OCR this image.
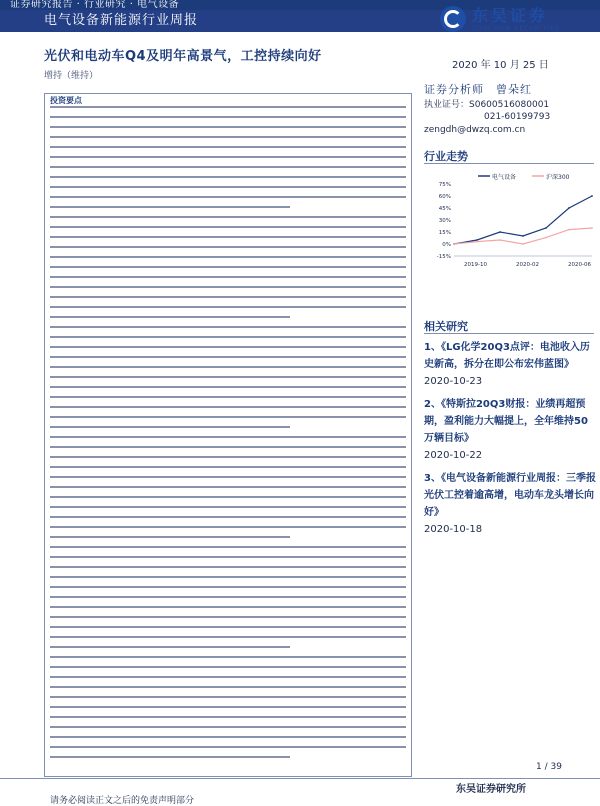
证券研究报告 · 行业研究 · 电气设备
电气设备新能源行业周报	东吴证券
SOOCHOW SECURITIES
光伏和电动车Q4及明年高景气，工控持续向好
2020 年 10 月 25 日
增持（维持）
投资要点
证券分析师　曾朵红
执业证号：S0600516080001
021-60199793
zengdh@dwzq.com.cn
行业走势
电气设备	沪深300
75%
60%
45%
30%
15%
0%
-15%
2019-10	2020-02	2020-06
相关研究
1、《LG化学20Q3点评：电池收入历史新高，拆分在即公布宏伟蓝图》
2020-10-23
2、《特斯拉20Q3财报：业绩再超预期，盈利能力大幅提上，全年维持50万辆目标》
2020-10-22
3、《电气设备新能源行业周报：三季报光伏工控着逾高增，电动车龙头增长向好》
2020-10-18
1 / 39
东吴证券研究所
请务必阅读正文之后的免责声明部分
